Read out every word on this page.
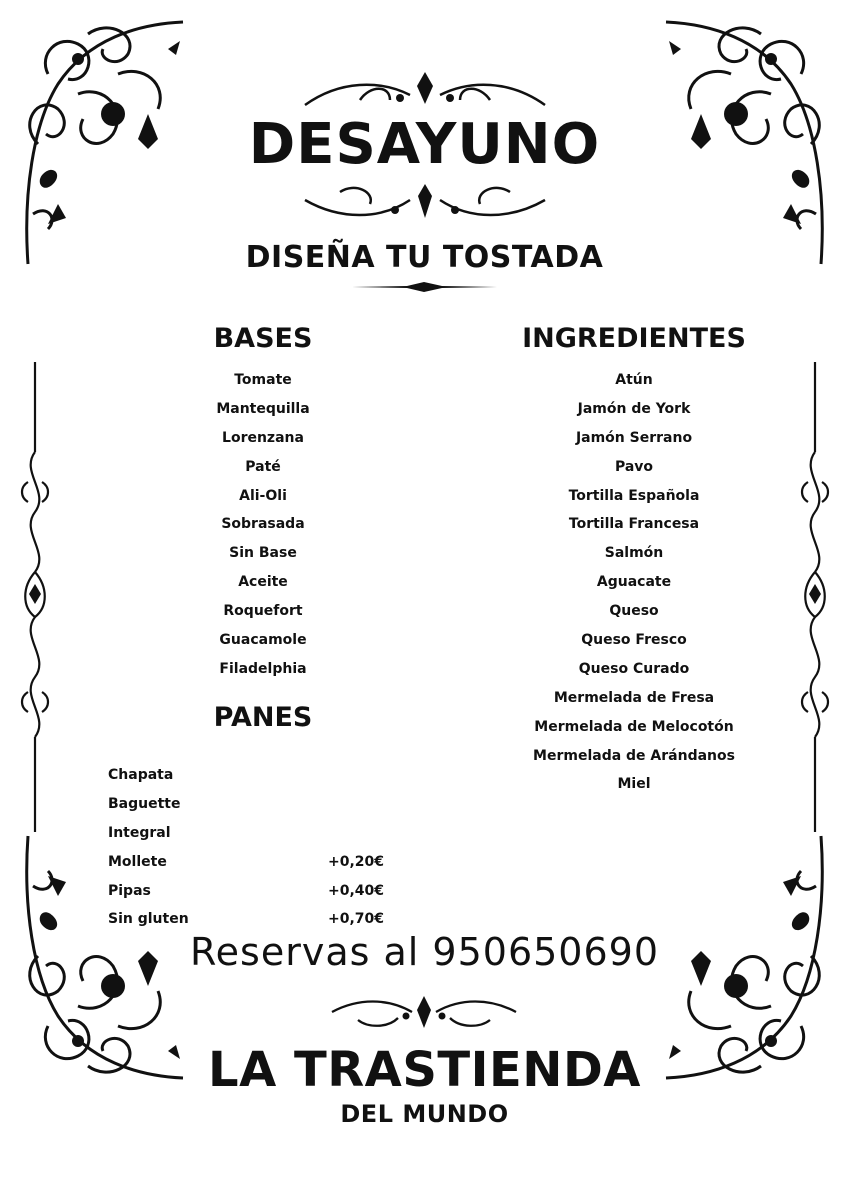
DESAYUNO
DISEÑA TU TOSTADA
BASES
Tomate
Mantequilla
Lorenzana
Paté
Ali-Oli
Sobrasada
Sin Base
Aceite
Roquefort
Guacamole
Filadelphia
INGREDIENTES
Atún
Jamón de York
Jamón Serrano
Pavo
Tortilla Española
Tortilla Francesa
Salmón
Aguacate
Queso
Queso Fresco
Queso Curado
Mermelada de Fresa
Mermelada de Melocotón
Mermelada de Arándanos
Miel
PANES
Chapata
Baguette
Integral
Mollete	+0,20€
Pipas	+0,40€
Sin gluten	+0,70€
Reservas al 950650690
LA TRASTIENDA
DEL MUNDO
